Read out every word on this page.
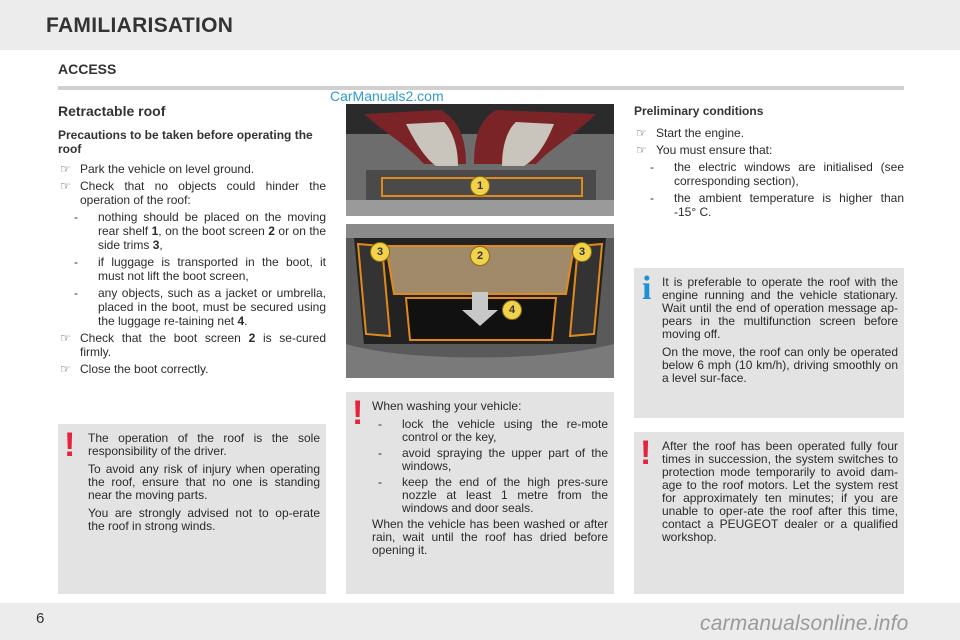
FAMILIARISATION
ACCESS
CarManuals2.com
Retractable roof
Precautions to be taken before operating the roof
☞ Park the vehicle on level ground.
☞ Check that no objects could hinder the operation of the roof:
- nothing should be placed on the moving rear shelf 1, on the boot screen 2 or on the side trims 3,
- if luggage is transported in the boot, it must not lift the boot screen,
- any objects, such as a jacket or umbrella, placed in the boot, must be secured using the luggage re-taining net 4.
☞ Check that the boot screen 2 is se-cured firmly.
☞ Close the boot correctly.
! The operation of the roof is the sole responsibility of the driver.

To avoid any risk of injury when operating the roof, ensure that no one is standing near the moving parts.

You are strongly advised not to op-erate the roof in strong winds.

1
2
3	3
4
! When washing your vehicle:

- lock the vehicle using the re-mote control or the key,
- avoid spraying the upper part of the windows,
- keep the end of the high pres-sure nozzle at least 1 metre from the windows and door seals.

When the vehicle has been washed or after rain, wait until the roof has dried before opening it.

Preliminary conditions
☞ Start the engine.
☞ You must ensure that:
- the electric windows are initialised (see corresponding section),
- the ambient temperature is higher than -15° C.
i It is preferable to operate the roof with the engine running and the vehicle stationary. Wait until the end of operation message ap-pears in the multifunction screen before moving off.

On the move, the roof can only be operated below 6 mph (10 km/h), driving smoothly on a level sur-face.

! After the roof has been operated fully four times in succession, the system switches to protection mode temporarily to avoid dam-age to the roof motors. Let the system rest for approximately ten minutes; if you are unable to oper-ate the roof after this time, contact a PEUGEOT dealer or a qualified workshop.

6	carmanualsonline.info
